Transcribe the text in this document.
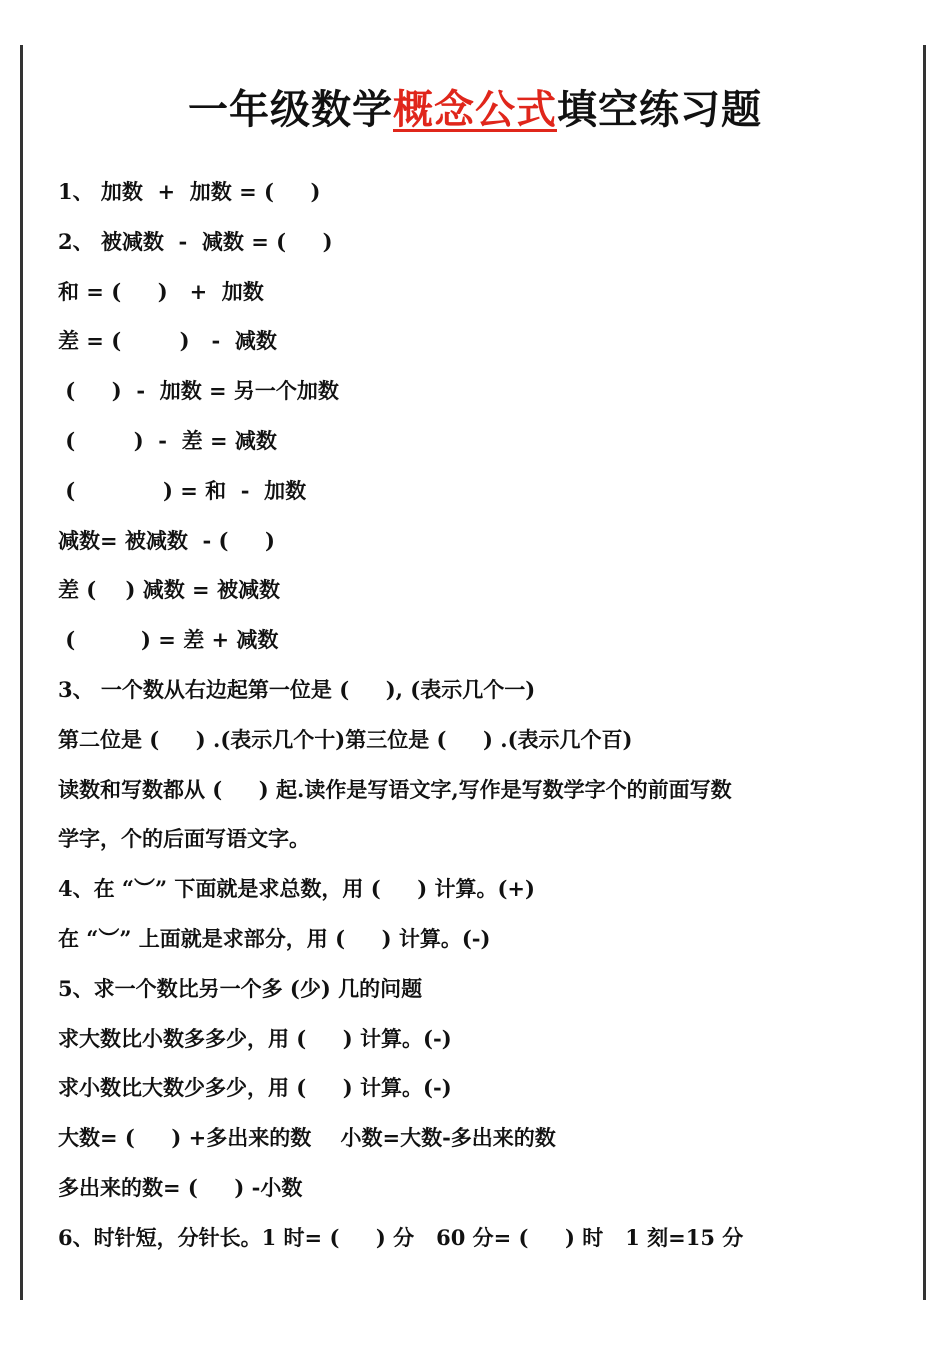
一年级数学概念公式填空练习题
1、 加数  +  加数 = (     )
2、 被减数  -  减数 = (     )
和 = (     )   +  加数
差 = (        )   -  减数
(     )  -  加数 = 另一个加数
(        )  -  差 = 减数
(            ) = 和  -  加数
减数= 被减数  - (     )
差 (    ) 减数 = 被减数
(         ) = 差 + 减数
3、 一个数从右边起第一位是 (     ), (表示几个一)
第二位是 (     ) .(表示几个十)第三位是 (     ) .(表示几个百)
读数和写数都从 (     ) 起.读作是写语文字,写作是写数学字个的前面写数
学字，个的后面写语文字。
4、在 “︶” 下面就是求总数，用 (     ) 计算。(+)
在 “︶” 上面就是求部分，用 (     ) 计算。(-)
5、求一个数比另一个多 (少) 几的问题
求大数比小数多多少，用 (     ) 计算。(-)
求小数比大数少多少，用 (     ) 计算。(-)
大数= (     ) +多出来的数    小数=大数-多出来的数
多出来的数= (     ) -小数
6、时针短，分针长。1 时= (     ) 分   60 分= (     ) 时   1 刻=15 分
